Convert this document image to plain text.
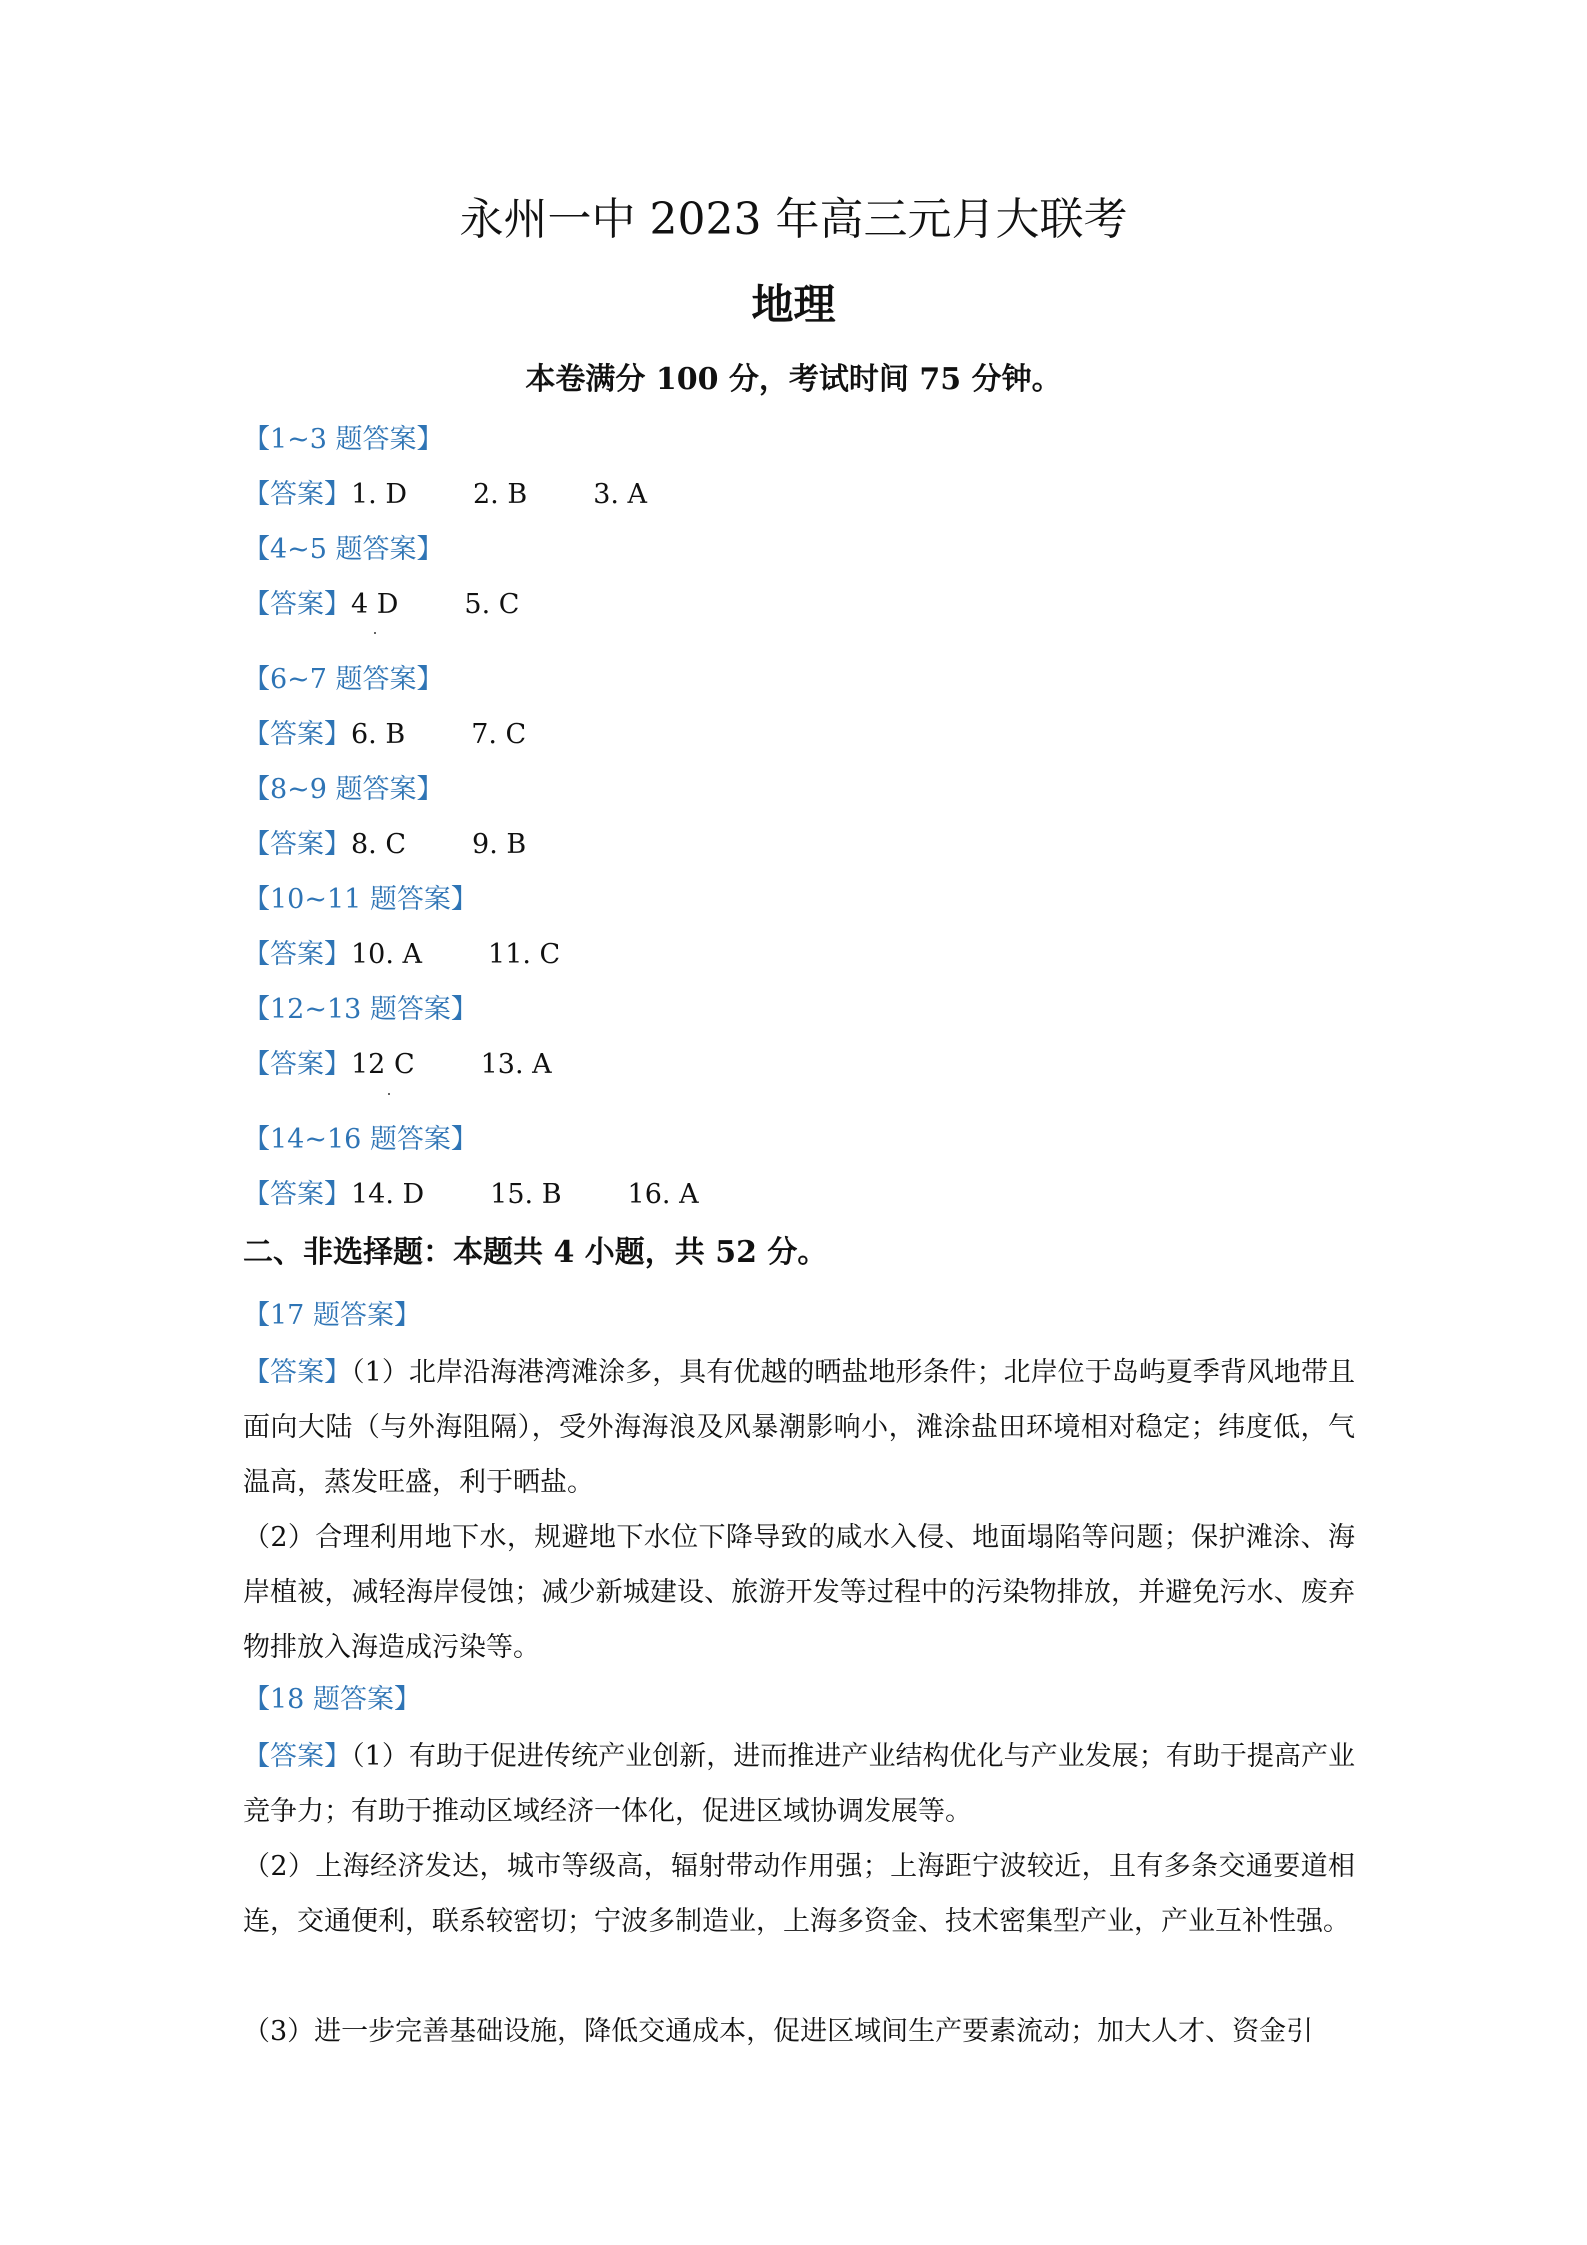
永州一中 2023 年高三元月大联考
地理
本卷满分 100 分，考试时间 75 分钟。
【1~3 题答案】
【答案】1. D 2. B 3. A
【4~5 题答案】
【答案】4 D 5. C
【6~7 题答案】
【答案】6. B 7. C
【8~9 题答案】
【答案】8. C 9. B
【10~11 题答案】
【答案】10. A 11. C
【12~13 题答案】
【答案】12 C 13. A
【14~16 题答案】
【答案】14. D 15. B 16. A
二、非选择题：本题共 4 小题，共 52 分。
【17 题答案】
【答案】（1）北岸沿海港湾滩涂多，具有优越的晒盐地形条件；北岸位于岛屿夏季背风地带且面向大陆（与外海阻隔），受外海海浪及风暴潮影响小，滩涂盐田环境相对稳定；纬度低，气温高，蒸发旺盛，利于晒盐。
（2）合理利用地下水，规避地下水位下降导致的咸水入侵、地面塌陷等问题；保护滩涂、海岸植被，减轻海岸侵蚀；减少新城建设、旅游开发等过程中的污染物排放，并避免污水、废弃物排放入海造成污染等。
【18 题答案】
【答案】（1）有助于促进传统产业创新，进而推进产业结构优化与产业发展；有助于提高产业竞争力；有助于推动区域经济一体化，促进区域协调发展等。
（2）上海经济发达，城市等级高，辐射带动作用强；上海距宁波较近，且有多条交通要道相连，交通便利，联系较密切；宁波多制造业，上海多资金、技术密集型产业，产业互补性强。
（3）进一步完善基础设施，降低交通成本，促进区域间生产要素流动；加大人才、资金引
